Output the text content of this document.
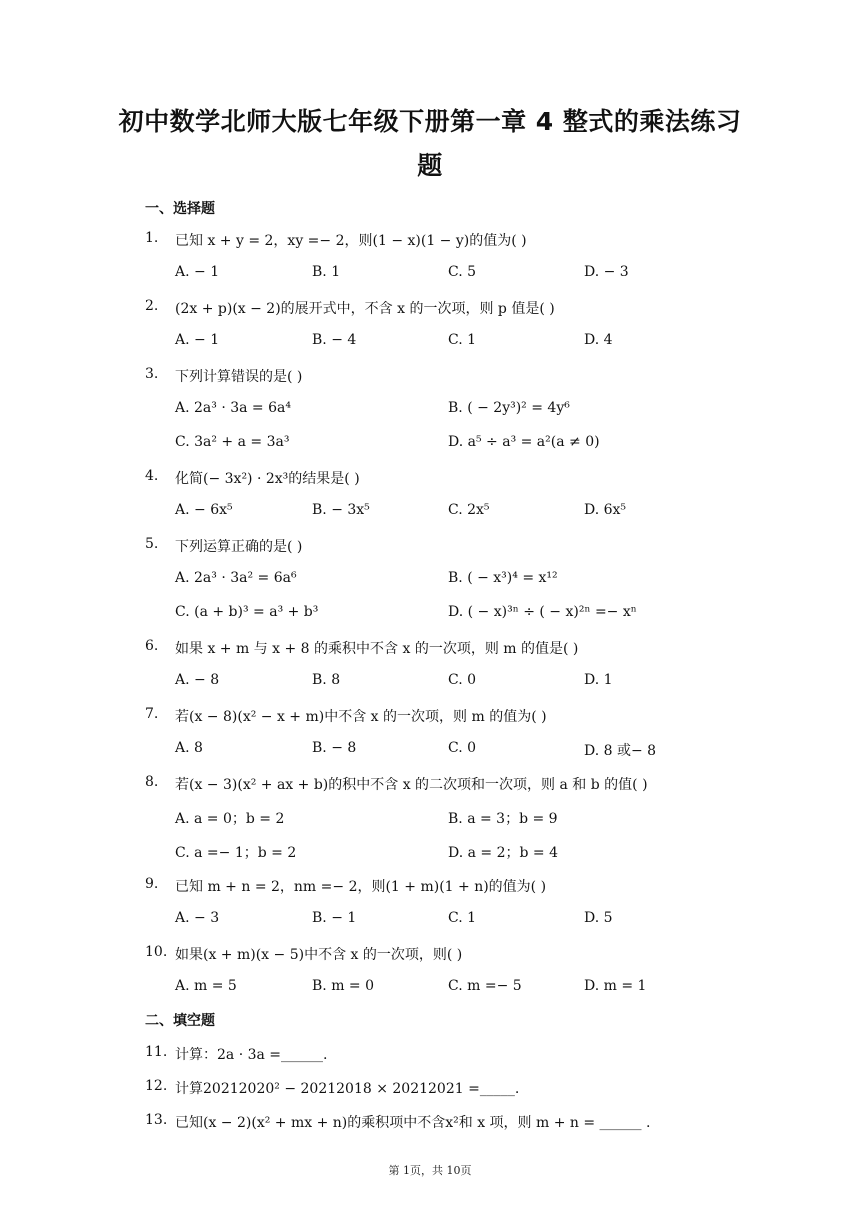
初中数学北师大版七年级下册第一章 4 整式的乘法练习
题
一、选择题
1. 已知 x + y = 2，xy =− 2，则(1 − x)(1 − y)的值为( )
A. − 1	B. 1	C. 5	D. − 3
2. (2x + p)(x − 2)的展开式中，不含 x 的一次项，则 p 值是( )
A. − 1	B. − 4	C. 1	D. 4
3. 下列计算错误的是( )
A. 2a³ · 3a = 6a⁴	B. ( − 2y³)² = 4y⁶
C. 3a² + a = 3a³	D. a⁵ ÷ a³ = a²(a ≠ 0)
4. 化简(− 3x²) · 2x³的结果是( )
A. − 6x⁵	B. − 3x⁵	C. 2x⁵	D. 6x⁵
5. 下列运算正确的是( )
A. 2a³ · 3a² = 6a⁶	B. ( − x³)⁴ = x¹²
C. (a + b)³ = a³ + b³	D. ( − x)³ⁿ ÷ ( − x)²ⁿ =− xⁿ
6. 如果 x + m 与 x + 8 的乘积中不含 x 的一次项，则 m 的值是( )
A. − 8	B. 8	C. 0	D. 1
7. 若(x − 8)(x² − x + m)中不含 x 的一次项，则 m 的值为( )
A. 8	B. − 8	C. 0	D. 8 或− 8
8. 若(x − 3)(x² + ax + b)的积中不含 x 的二次项和一次项，则 a 和 b 的值( )
A. a = 0；b = 2	B. a = 3；b = 9
C. a =− 1；b = 2	D. a = 2；b = 4
9. 已知 m + n = 2，nm =− 2，则(1 + m)(1 + n)的值为( )
A. − 3	B. − 1	C. 1	D. 5
10. 如果(x + m)(x − 5)中不含 x 的一次项，则( )
A. m = 5	B. m = 0	C. m =− 5	D. m = 1
二、填空题
11. 计算：2a · 3a =______.
12. 计算20212020² − 20212018 × 20212021 =_____.
13. 已知(x − 2)(x² + mx + n)的乘积项中不含x²和 x 项，则 m + n = ______ .
第 1页，共 10页
